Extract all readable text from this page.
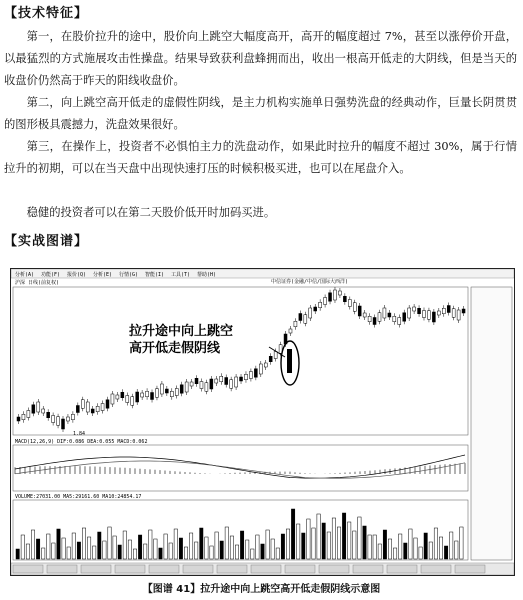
【技术特征】
第一，在股价拉升的途中，股价向上跳空大幅度高开，高开的幅度超过 7%，甚至以涨停价开盘，以最猛烈的方式施展攻击性操盘。结果导致获利盘蜂拥而出，收出一根高开低走的大阴线，但是当天的收盘价仍然高于昨天的阳线收盘价。
第二，向上跳空高开低走的虚假性阴线，是主力机构实施单日强势洗盘的经典动作，巨量长阴贯贯的图形极具震撼力，洗盘效果很好。
第三，在操作上，投资者不必惧怕主力的洗盘动作，如果此时拉升的幅度不超过 30%，属于行情拉升的初期，可以在当天盘中出现快速打压的时候积极买进，也可以在尾盘介入。
稳健的投资者可以在第二天股价低开时加码买进。
【实战图谱】
分析(A) 功能(F) 报价(Q) 分析(E) 行情(G) 智能(I) 工具(T) 帮助(H)
中信证券(金融/中信/国际大西洋)
沪深 日线(前复权)
1.84
拉升途中向上跳空
高开低走假阴线
MACD(12,26,9) DIF:0.086 DEA:0.055 MACD:0.062
VOLUME:27031.00 MA5:29161.60 MA10:24854.17
【图谱 41】拉升途中向上跳空高开低走假阴线示意图
